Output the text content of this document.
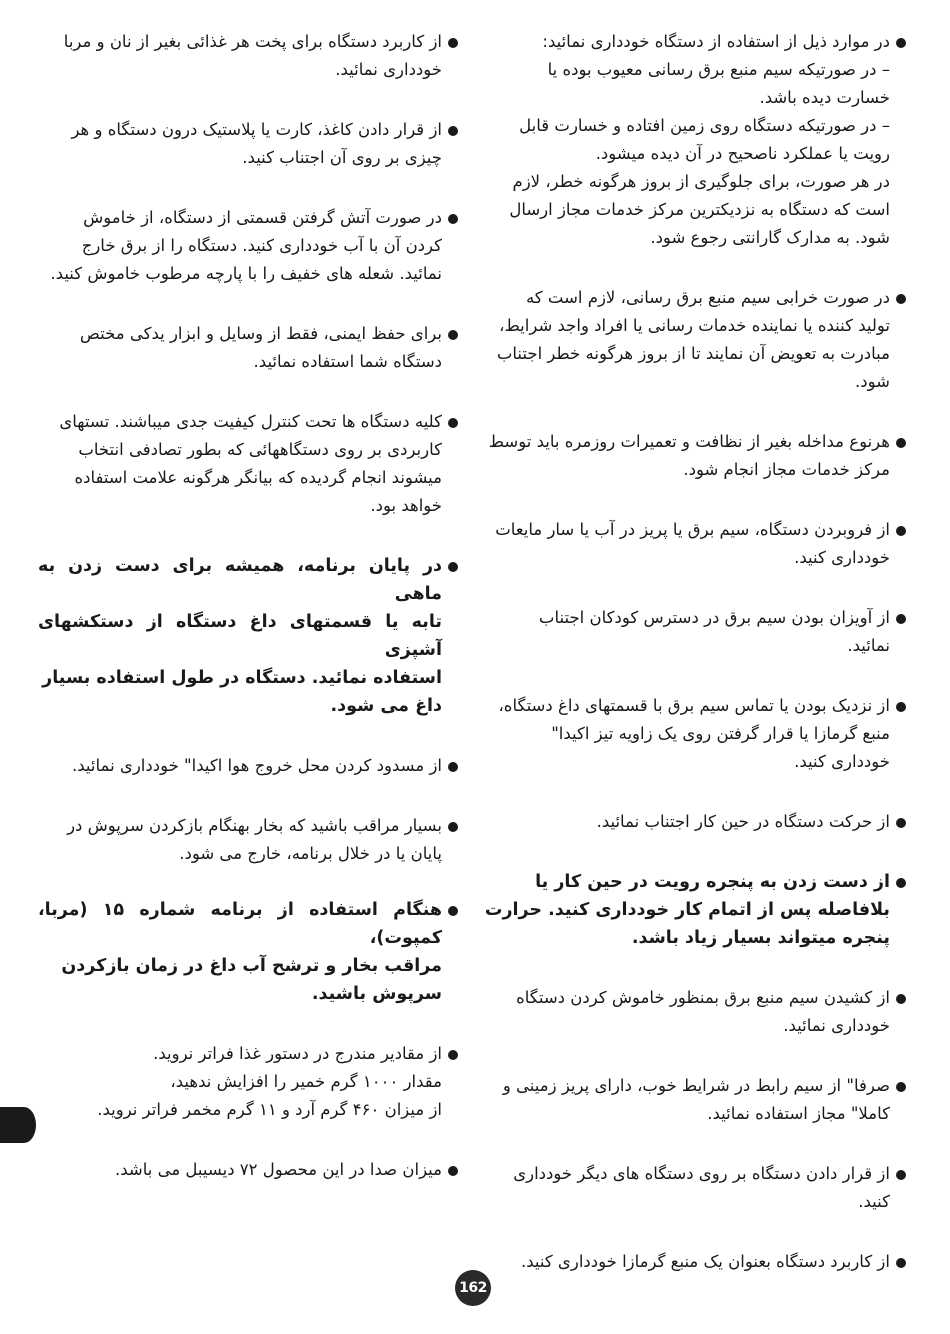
در موارد ذیل از استفاده از دستگاه خودداری نمائید:
– در صورتیکه سیم منبع برق رسانی معیوب بوده یا
خسارت دیده باشد.
– در صورتیکه دستگاه روی زمین افتاده و خسارت قابل
رویت یا عملکرد ناصحیح در آن دیده میشود.
در هر صورت، برای جلوگیری از بروز هرگونه خطر، لازم
است که دستگاه به نزدیکترین مرکز خدمات مجاز ارسال
شود. به مدارک گارانتی رجوع شود.
در صورت خرابی سیم منبع برق رسانی، لازم است که
تولید کننده یا نماینده خدمات رسانی یا افراد واجد شرایط،
مبادرت به تعویض آن نمایند تا از بروز هرگونه خطر اجتناب
شود.
هرنوع مداخله بغیر از نظافت و تعمیرات روزمره باید توسط
مرکز خدمات مجاز انجام شود.
از فروبردن دستگاه، سیم برق یا پریز در آب یا سار مایعات
خودداری کنید.
از آویزان بودن سیم برق در دسترس کودکان اجتناب
نمائید.
از نزدیک بودن یا تماس سیم برق با قسمتهای داغ دستگاه،
منبع گرمازا یا قرار گرفتن روی یک زاویه تیز اکیدا"
خودداری کنید.
از حرکت دستگاه در حین کار اجتناب نمائید.
از دست زدن به پنجره رویت در حین کار یا
بلافاصله پس از اتمام کار خودداری کنید. حرارت
پنجره میتواند بسیار زیاد باشد.
از کشیدن سیم منبع برق بمنظور خاموش کردن دستگاه
خودداری نمائید.
صرفا" از سیم رابط در شرایط خوب، دارای پریز زمینی و
کاملا" مجاز استفاده نمائید.
از قرار دادن دستگاه بر روی دستگاه های دیگر خودداری
کنید.
از کاربرد دستگاه بعنوان یک منبع گرمازا خودداری کنید.
از کاربرد دستگاه برای پخت هر غذائی بغیر از نان و مربا
خودداری نمائید.
از قرار دادن کاغذ، کارت یا پلاستیک درون دستگاه و هر
چیزی بر روی آن اجتناب کنید.
در صورت آتش گرفتن قسمتی از دستگاه، از خاموش
کردن آن با آب خودداری کنید. دستگاه را از برق خارج
نمائید. شعله های خفیف را با پارچه مرطوب خاموش کنید.
برای حفظ ایمنی، فقط از وسایل و ابزار یدکی مختص
دستگاه شما استفاده نمائید.
کلیه دستگاه ها تحت کنترل کیفیت جدی میباشند. تستهای
کاربردی بر روی دستگاههائی که بطور تصادفی انتخاب
میشوند انجام گردیده که بیانگر هرگونه علامت استفاده
خواهد بود.
در پایان برنامه، همیشه برای دست زدن به ماهی
تابه یا قسمتهای داغ دستگاه از دستکشهای آشپزی
استفاده نمائید. دستگاه در طول استفاده بسیار
داغ می شود.
از مسدود کردن محل خروج هوا اکیدا" خودداری نمائید.
بسیار مراقب باشید که بخار بهنگام بازکردن سرپوش در
پایان یا در خلال برنامه، خارج می شود.
هنگام استفاده از برنامه شماره ۱۵ (مربا، کمپوت)،
مراقب بخار و ترشح آب داغ در زمان بازکردن
سرپوش باشید.
از مقادیر مندرج در دستور غذا فراتر نروید.
مقدار ۱۰۰۰ گرم خمیر را افزایش ندهید،
از میزان ۴۶۰ گرم آرد و ۱۱ گرم مخمر فراتر نروید.
میزان صدا در این محصول ۷۲ دیسیبل می باشد.
162
